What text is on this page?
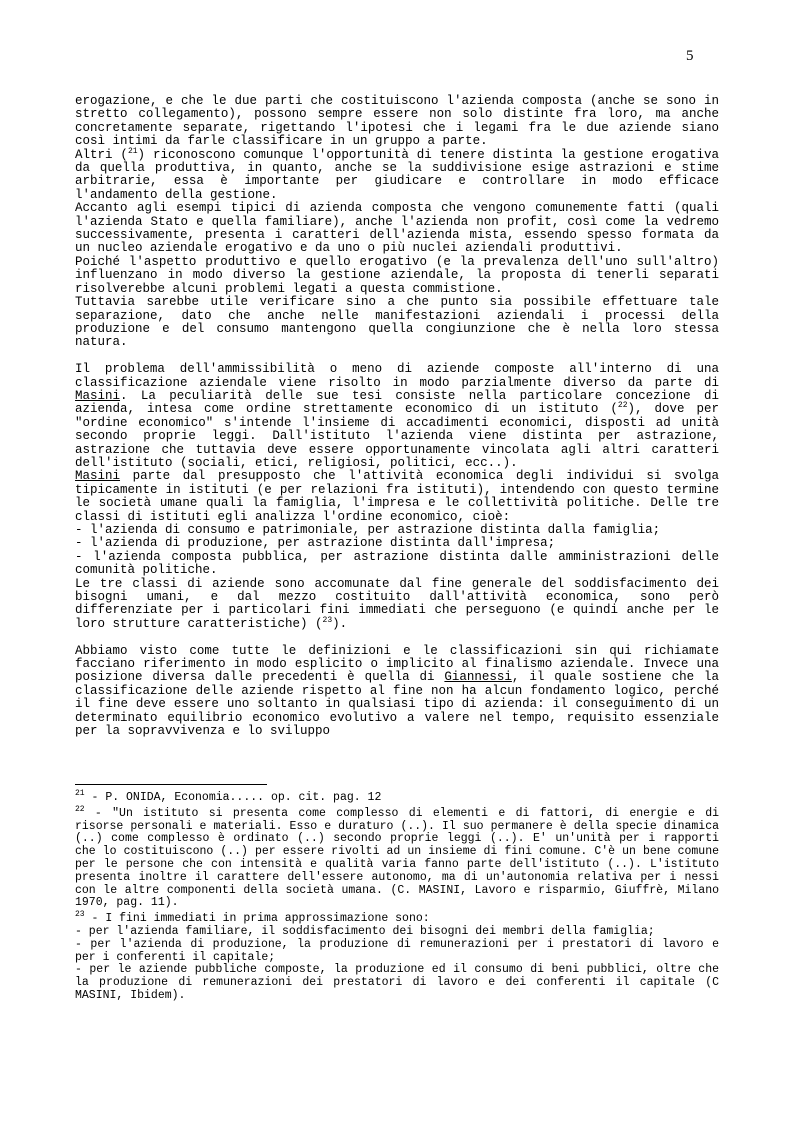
5

erogazione, e che le due parti che costituiscono l'azienda composta (anche se sono in stretto collegamento), possono sempre essere non solo distinte fra loro, ma anche concretamente separate, rigettando l'ipotesi che i legami fra le due aziende siano così intimi da farle classificare in un gruppo a parte.

Altri ($^{21}$) riconoscono comunque l'opportunità di tenere distinta la gestione erogativa da quella produttiva, in quanto, anche se la suddivisione esige astrazioni e stime arbitrarie, essa è importante per giudicare e controllare in modo efficace l'andamento della gestione.

Accanto agli esempi tipici di azienda composta che vengono comunemente fatti (quali l'azienda Stato e quella familiare), anche l'azienda non profit, così come la vedremo successivamente, presenta i caratteri dell'azienda mista, essendo spesso formata da un nucleo aziendale erogativo e da uno o più nuclei aziendali produttivi.

Poiché l'aspetto produttivo e quello erogativo (e la prevalenza dell'uno sull'altro) influenzano in modo diverso la gestione aziendale, la proposta di tenerli separati risolverebbe alcuni problemi legati a questa commistione.

Tuttavia sarebbe utile verificare sino a che punto sia possibile effettuare tale separazione, dato che anche nelle manifestazioni aziendali i processi della produzione e del consumo mantengono quella congiunzione che è nella loro stessa natura.

Il problema dell'ammissibilità o meno di aziende composte all'interno di una classificazione aziendale viene risolto in modo parzialmente diverso da parte di Masini. La peculiarità delle sue tesi consiste nella particolare concezione di azienda, intesa come ordine strettamente economico di un istituto ($^{22}$), dove per "ordine economico" s'intende l'insieme di accadimenti economici, disposti ad unità secondo proprie leggi. Dall'istituto l'azienda viene distinta per astrazione, astrazione che tuttavia deve essere opportunamente vincolata agli altri caratteri dell'istituto (sociali, etici, religiosi, politici, ecc..).

Masini parte dal presupposto che l'attività economica degli individui si svolga tipicamente in istituti (e per relazioni fra istituti), intendendo con questo termine le società umane quali la famiglia, l'impresa e le collettività politiche. Delle tre classi di istituti egli analizza l'ordine economico, cioè:

- l'azienda di consumo e patrimoniale, per astrazione distinta dalla famiglia;

- l'azienda di produzione, per astrazione distinta dall'impresa;

- l'azienda composta pubblica, per astrazione distinta dalle amministrazioni delle comunità politiche.

Le tre classi di aziende sono accomunate dal fine generale del soddisfacimento dei bisogni umani, e dal mezzo costituito dall'attività economica, sono però differenziate per i particolari fini immediati che perseguono (e quindi anche per le loro strutture caratteristiche) ($^{23}$).

Abbiamo visto come tutte le definizioni e le classificazioni sin qui richiamate facciano riferimento in modo esplicito o implicito al finalismo aziendale. Invece una posizione diversa dalle precedenti è quella di Giannessi, il quale sostiene che la classificazione delle aziende rispetto al fine non ha alcun fondamento logico, perché il fine deve essere uno soltanto in qualsiasi tipo di azienda: il conseguimento di un determinato equilibrio economico evolutivo a valere nel tempo, requisito essenziale per la sopravvivenza e lo sviluppo

$^{21}$ - P. ONIDA, Economia..... op. cit. pag. 12

$^{22}$ - "Un istituto si presenta come complesso di elementi e di fattori, di energie e di risorse personali e materiali. Esso e duraturo (..). Il suo permanere è della specie dinamica (..) come complesso è ordinato (..) secondo proprie leggi (..). E' un'unità per i rapporti che lo costituiscono (..) per essere rivolti ad un insieme di fini comune. C'è un bene comune per le persone che con intensità e qualità varia fanno parte dell'istituto (..). L'istituto presenta inoltre il carattere dell'essere autonomo, ma di un'autonomia relativa per i nessi con le altre componenti della società umana. (C. MASINI, Lavoro e risparmio, Giuffrè, Milano 1970, pag. 11).

$^{23}$ - I fini immediati in prima approssimazione sono:
- per l'azienda familiare, il soddisfacimento dei bisogni dei membri della famiglia;
- per l'azienda di produzione, la produzione di remunerazioni per i prestatori di lavoro e per i conferenti il capitale;
- per le aziende pubbliche composte, la produzione ed il consumo di beni pubblici, oltre che la produzione di remunerazioni dei prestatori di lavoro e dei conferenti il capitale (C MASINI, Ibidem).
